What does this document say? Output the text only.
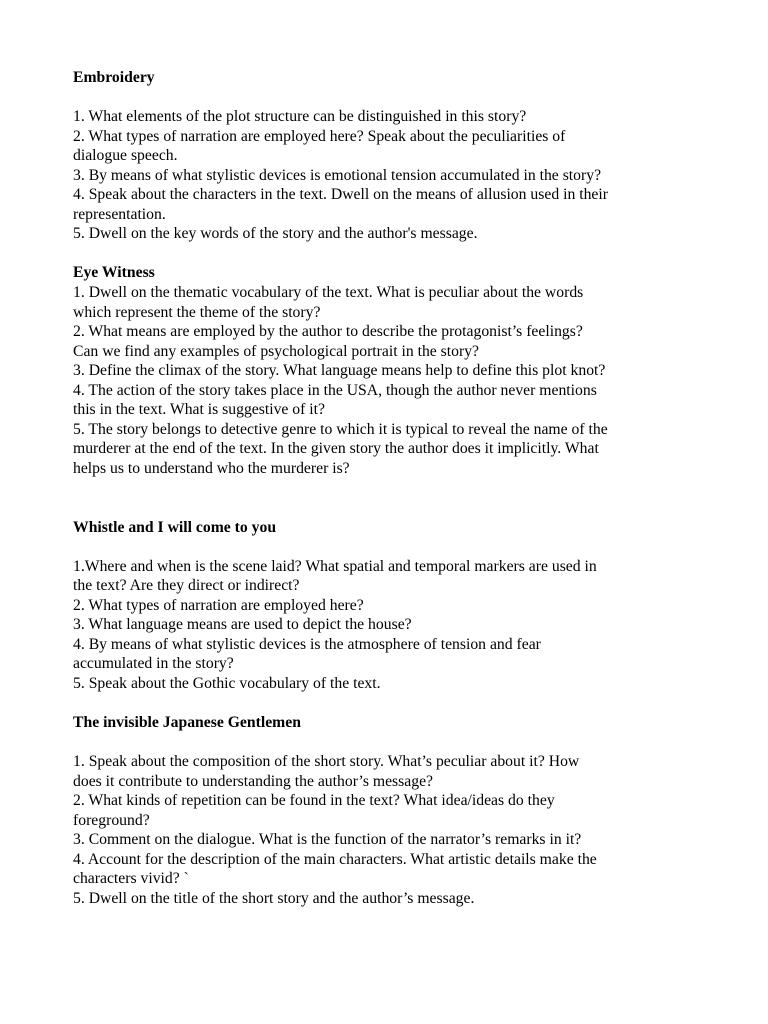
Embroidery

1. What elements of the plot structure can be distinguished in this story?

2. What types of narration are employed here? Speak about the peculiarities of

dialogue speech.

3. By means of what stylistic devices is emotional tension accumulated in the story?

4. Speak about the characters in the text. Dwell on the means of allusion used in their

representation.

5. Dwell on the key words of the story and the author's message.

Eye Witness

1. Dwell on the thematic vocabulary of the text. What is peculiar about the words

which represent the theme of the story?

2. What means are employed by the author to describe the protagonist’s feelings?

Can we find any examples of psychological portrait in the story?

3. Define the climax of the story. What language means help to define this plot knot?

4. The action of the story takes place in the USA, though the author never mentions

this in the text. What is suggestive of it?

5. The story belongs to detective genre to which it is typical to reveal the name of the

murderer at the end of the text. In the given story the author does it implicitly. What

helps us to understand who the murderer is?

Whistle and I will come to you

1.Where and when is the scene laid? What spatial and temporal markers are used in

the text? Are they direct or indirect?

2. What types of narration are employed here?

3. What language means are used to depict the house?

4. By means of what stylistic devices is the atmosphere of tension and fear

accumulated in the story?

5. Speak about the Gothic vocabulary of the text.

The invisible Japanese Gentlemen

1. Speak about the composition of the short story. What’s peculiar about it? How

does it contribute to understanding the author’s message?

2. What kinds of repetition can be found in the text? What idea/ideas do they

foreground?

3. Comment on the dialogue. What is the function of the narrator’s remarks in it?

4. Account for the description of the main characters. What artistic details make the

characters vivid? `

5. Dwell on the title of the short story and the author’s message.
